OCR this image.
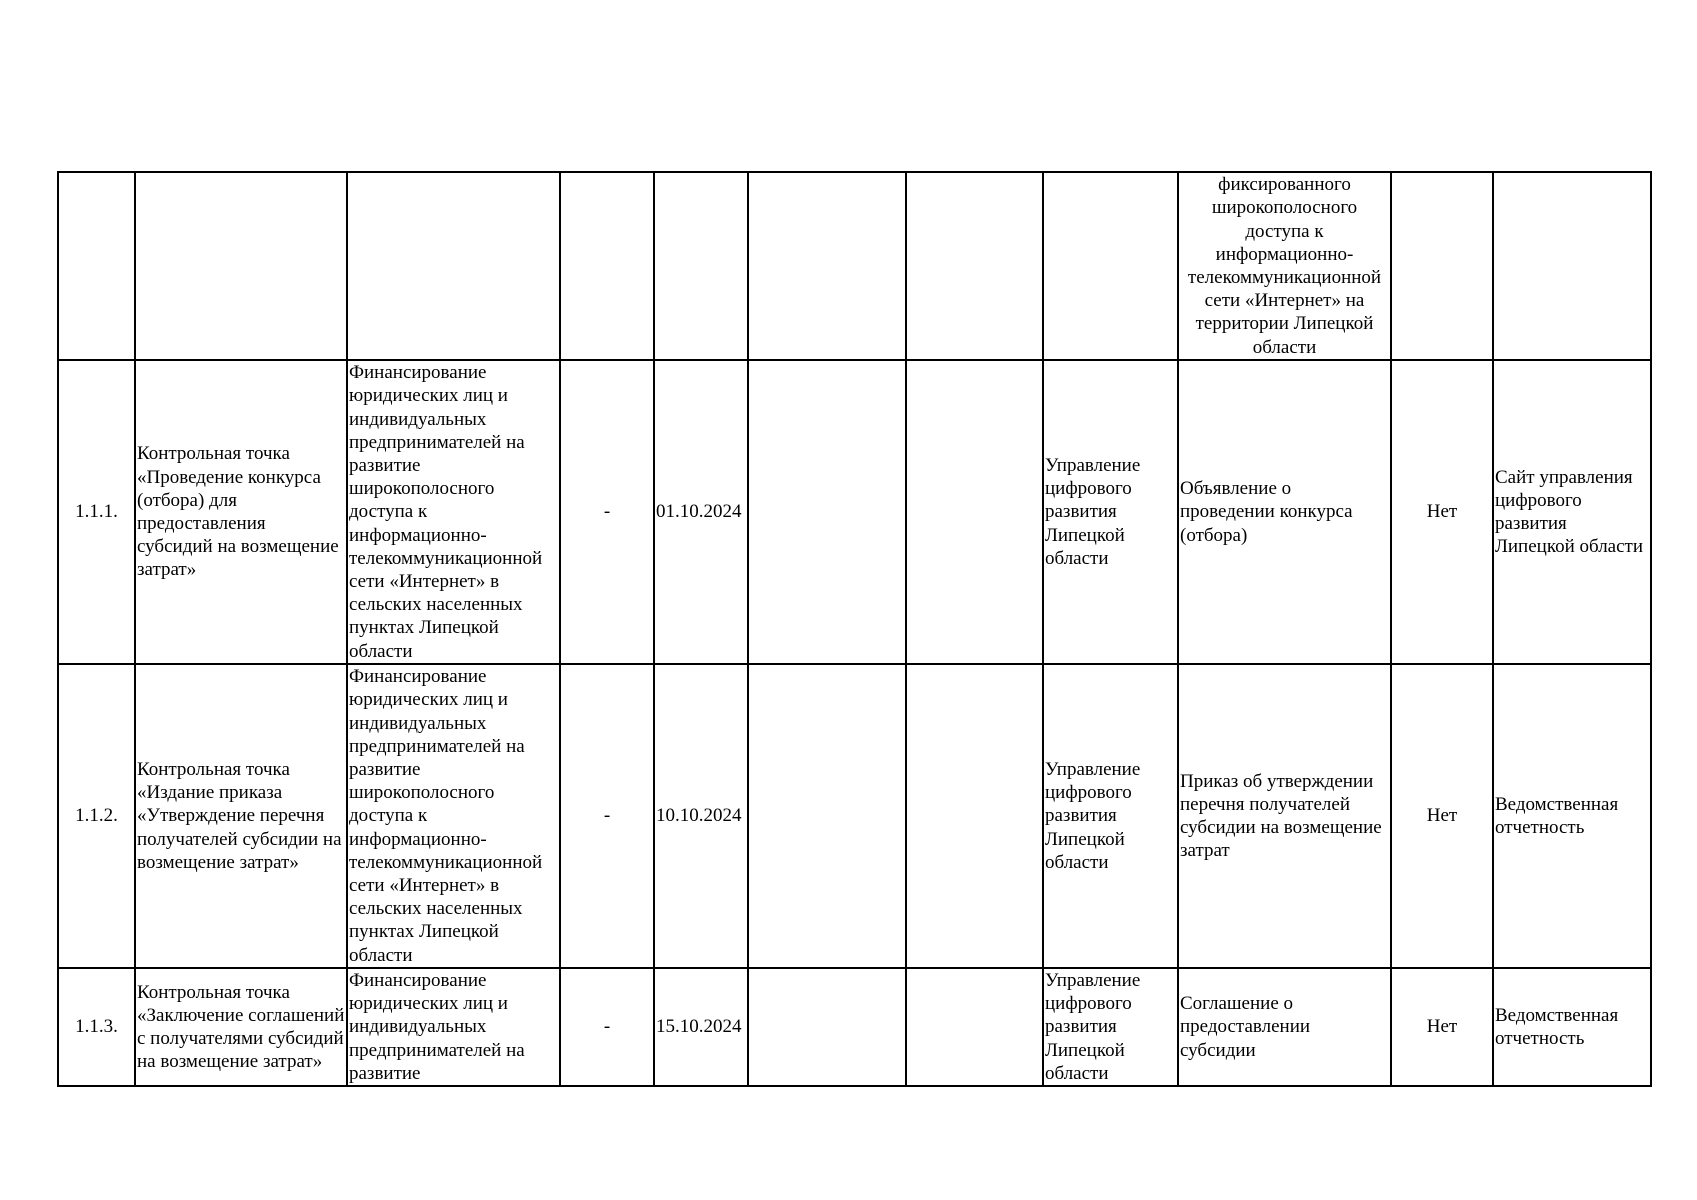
								фиксированного широкополосного доступа к информационно-телекоммуникационной сети «Интернет» на территории Липецкой области		
1.1.1.	Контрольная точка «Проведение конкурса (отбора) для предоставления субсидий на возмещение затрат»	Финансирование юридических лиц и индивидуальных предпринимателей на развитие широкополосного доступа к информационно-телекоммуникационной сети «Интернет» в сельских населенных пунктах Липецкой области	-	01.10.2024			Управление цифрового развития Липецкой области	Объявление о проведении конкурса (отбора)	Нет	Сайт управления цифрового развития Липецкой области
1.1.2.	Контрольная точка «Издание приказа «Утверждение перечня получателей субсидии на возмещение затрат»	Финансирование юридических лиц и индивидуальных предпринимателей на развитие широкополосного доступа к информационно-телекоммуникационной сети «Интернет» в сельских населенных пунктах Липецкой области	-	10.10.2024			Управление цифрового развития Липецкой области	Приказ об утверждении перечня получателей субсидии на возмещение затрат	Нет	Ведомственная отчетность
1.1.3.	Контрольная точка «Заключение соглашений с получателями субсидий на возмещение затрат»	Финансирование юридических лиц и индивидуальных предпринимателей на развитие	-	15.10.2024			Управление цифрового развития Липецкой области	Соглашение о предоставлении субсидии	Нет	Ведомственная отчетность
